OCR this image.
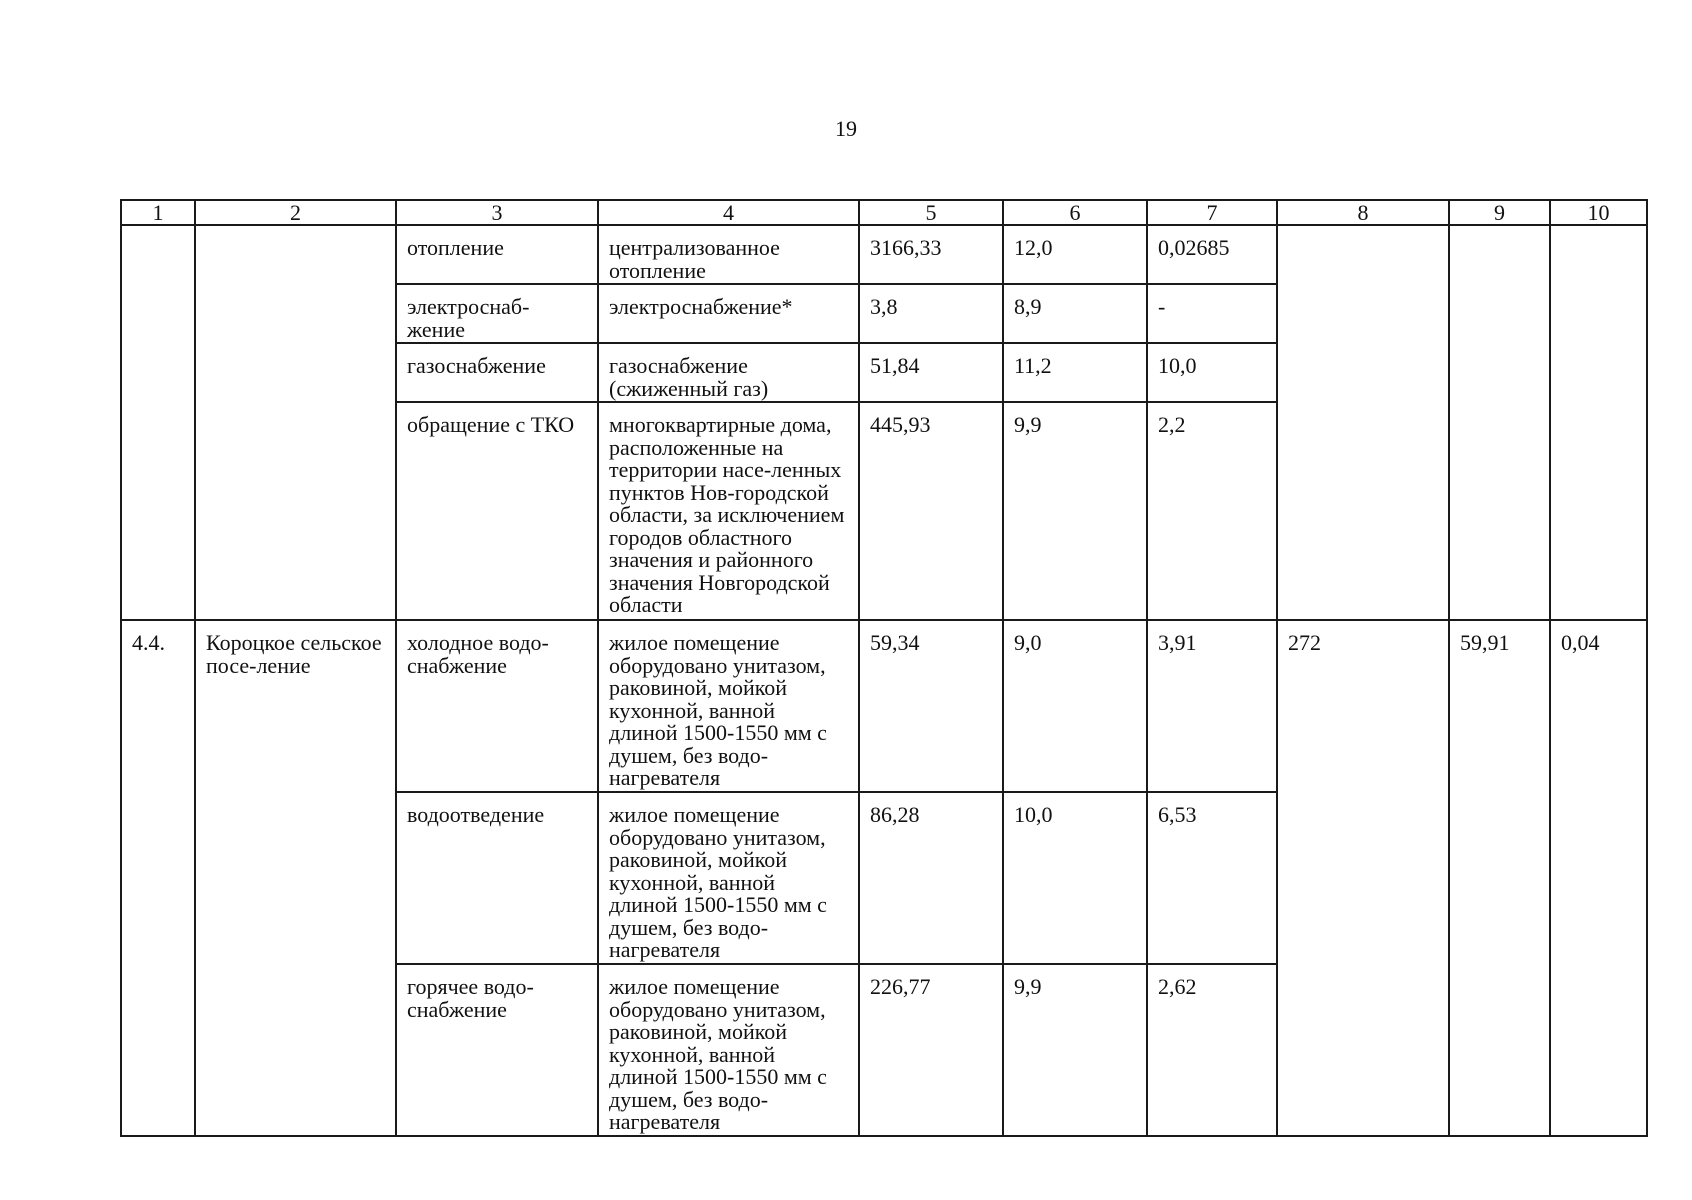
19
1	2	3	4	5	6	7	8	9	10
		отопление	централизованное отопление	3166,33	12,0	0,02685			
		электроснаб-жение	электроснабжение*	3,8	8,9	-			
		газоснабжение	газоснабжение (сжиженный газ)	51,84	11,2	10,0			
		обращение с ТКО	многоквартирные дома, расположенные на территории насе-ленных пунктов Нов-городской области, за исключением городов областного значения и районного значения Новгородской области	445,93	9,9	2,2			
4.4.	Короцкое сельское посе-ление	холодное водо-снабжение	жилое помещение оборудовано унитазом, раковиной, мойкой кухонной, ванной длиной 1500-1550 мм с душем, без водо-нагревателя	59,34	9,0	3,91	272	59,91	0,04
		водоотведение	жилое помещение оборудовано унитазом, раковиной, мойкой кухонной, ванной длиной 1500-1550 мм с душем, без водо-нагревателя	86,28	10,0	6,53			
		горячее водо-снабжение	жилое помещение оборудовано унитазом, раковиной, мойкой кухонной, ванной длиной 1500-1550 мм с душем, без водо-нагревателя	226,77	9,9	2,62			
